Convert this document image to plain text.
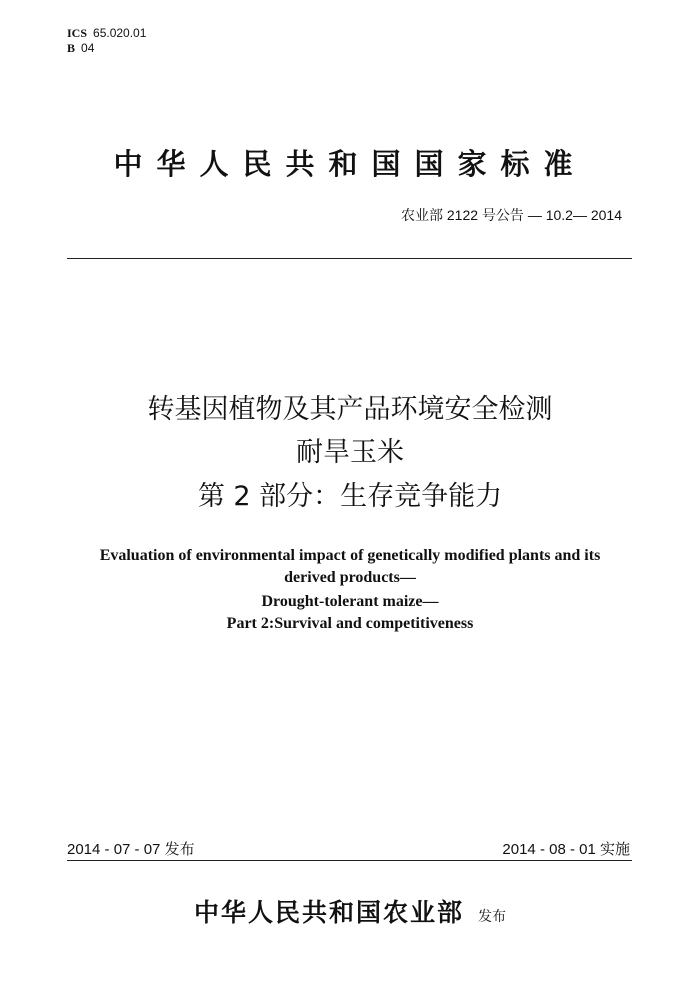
ICS 65.020.01
B 04
中华人民共和国国家标准
农业部 2122 号公告 — 10.2— 2014
转基因植物及其产品环境安全检测
耐旱玉米
第 2 部分：生存竞争能力
Evaluation of environmental impact of genetically modified plants and its
derived products—
Drought-tolerant maize—
Part 2:Survival and competitiveness
2014 - 07 - 07 发布	2014 - 08 - 01 实施
中华人民共和国农业部 发布
